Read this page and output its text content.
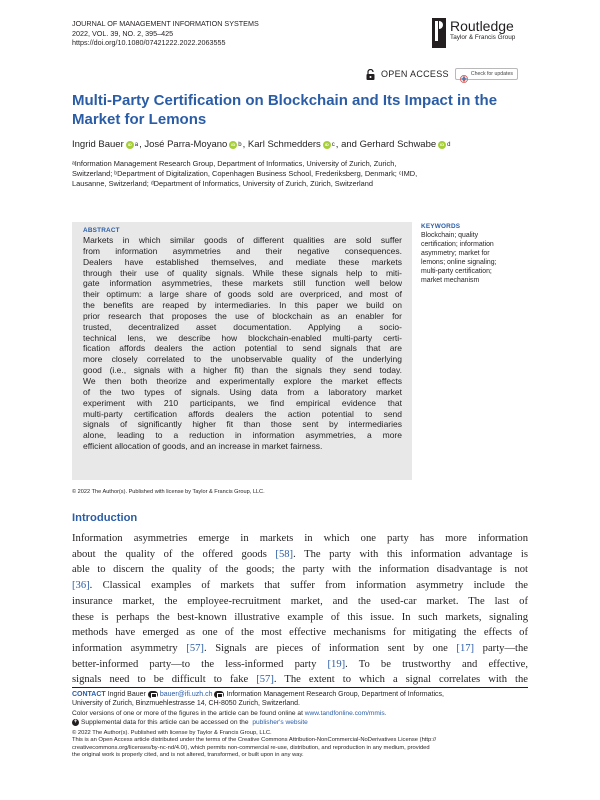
JOURNAL OF MANAGEMENT INFORMATION SYSTEMS
2022, VOL. 39, NO. 2, 395–425
https://doi.org/10.1080/07421222.2022.2063555
Routledge
Taylor & Francis Group
OPEN ACCESS	Check for updates
Multi-Party Certification on Blockchain and Its Impact in the Market for Lemons
Ingrid Bauer iD a , José Parra-Moyano iD b , Karl Schmedders iD c , and Gerhard Schwabe iD d
ᵃInformation Management Research Group, Department of Informatics, University of Zurich, Zurich,
Switzerland; ᵇDepartment of Digitalization, Copenhagen Business School, Frederiksberg, Denmark; ᶜIMD,
Lausanne, Switzerland; ᵈDepartment of Informatics, University of Zurich, Zürich, Switzerland
ABSTRACT
Markets in which similar goods of different qualities are sold suffer
from information asymmetries and their negative consequences.
Dealers have established themselves, and mediate these markets
through their use of quality signals. While these signals help to miti-
gate information asymmetries, these markets still function well below
their optimum: a large share of goods sold are overpriced, and most of
the benefits are reaped by intermediaries. In this paper we build on
prior research that proposes the use of blockchain as an enabler for
trusted, decentralized asset documentation. Applying a socio-
technical lens, we describe how blockchain-enabled multi-party certi-
fication affords dealers the action potential to send signals that are
more closely correlated to the unobservable quality of the underlying
good (i.e., signals with a higher fit) than the signals they send today.
We then both theorize and experimentally explore the market effects
of the two types of signals. Using data from a laboratory market
experiment with 210 participants, we find empirical evidence that
multi-party certification affords dealers the action potential to send
signals of significantly higher fit than those sent by intermediaries
alone, leading to a reduction in information asymmetries, a more
efficient allocation of goods, and an increase in market fairness.
KEYWORDS
Blockchain; quality
certification; information
asymmetry; market for
lemons; online signaling;
multi-party certification;
market mechanism
© 2022 The Author(s). Published with license by Taylor & Francis Group, LLC.
Introduction
Information asymmetries emerge in markets in which one party has more information
about the quality of the offered goods [58]. The party with this information advantage is
able to discern the quality of the goods; the party with the information disadvantage is not
[36]. Classical examples of markets that suffer from information asymmetry include the
insurance market, the employee-recruitment market, and the used-car market. The last of
these is perhaps the best-known illustrative example of this issue. In such markets, signaling
methods have emerged as one of the most effective mechanisms for mitigating the effects of
information asymmetry [57]. Signals are pieces of information sent by one [17] party—the
better-informed party—to the less-informed party [19]. To be trustworthy and effective,
signals need to be difficult to fake [57]. The extent to which a signal correlates with the
CONTACT Ingrid Bauer bauer@ifi.uzh.ch Information Management Research Group, Department of Informatics,
University of Zurich, Binzmuehlestrasse 14, CH-8050 Zurich, Switzerland.
Color versions of one or more of the figures in the article can be found online at www.tandfonline.com/mmis.
+
Supplemental data for this article can be accessed on the publisher's website
© 2022 The Author(s). Published with license by Taylor & Francis Group, LLC.
This is an Open Access article distributed under the terms of the Creative Commons Attribution-NonCommercial-NoDerivatives License (http://
creativecommons.org/licenses/by-nc-nd/4.0/), which permits non-commercial re-use, distribution, and reproduction in any medium, provided
the original work is properly cited, and is not altered, transformed, or built upon in any way.
